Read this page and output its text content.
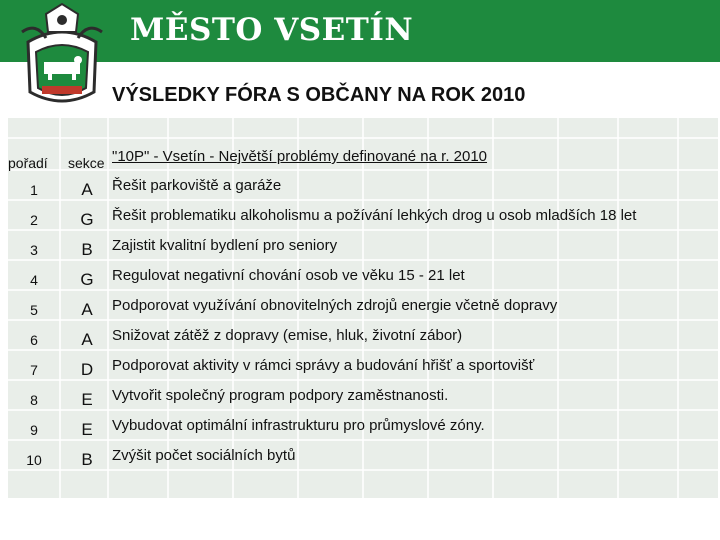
MĚSTO VSETÍN
VÝSLEDKY FÓRA S OBČANY NA ROK 2010
pořadí	sekce "10P" - Vsetín - Největší problémy definované na r. 2010
1	A	Řešit parkoviště a garáže
2	G	Řešit problematiku alkoholismu a požívání lehkých drog u osob mladších 18 let
3	B	Zajistit kvalitní bydlení pro seniory
4	G	Regulovat negativní chování osob ve věku 15 - 21 let
5	A	Podporovat využívání obnovitelných zdrojů energie včetně dopravy
6	A	Snižovat zátěž z dopravy (emise, hluk, životní zábor)
7	D	Podporovat aktivity v rámci správy a budování hřišť a sportovišť
8	E	Vytvořit společný program podpory zaměstnanosti.
9	E	Vybudovat optimální infrastrukturu pro průmyslové zóny.
10	B	Zvýšit počet sociálních bytů
